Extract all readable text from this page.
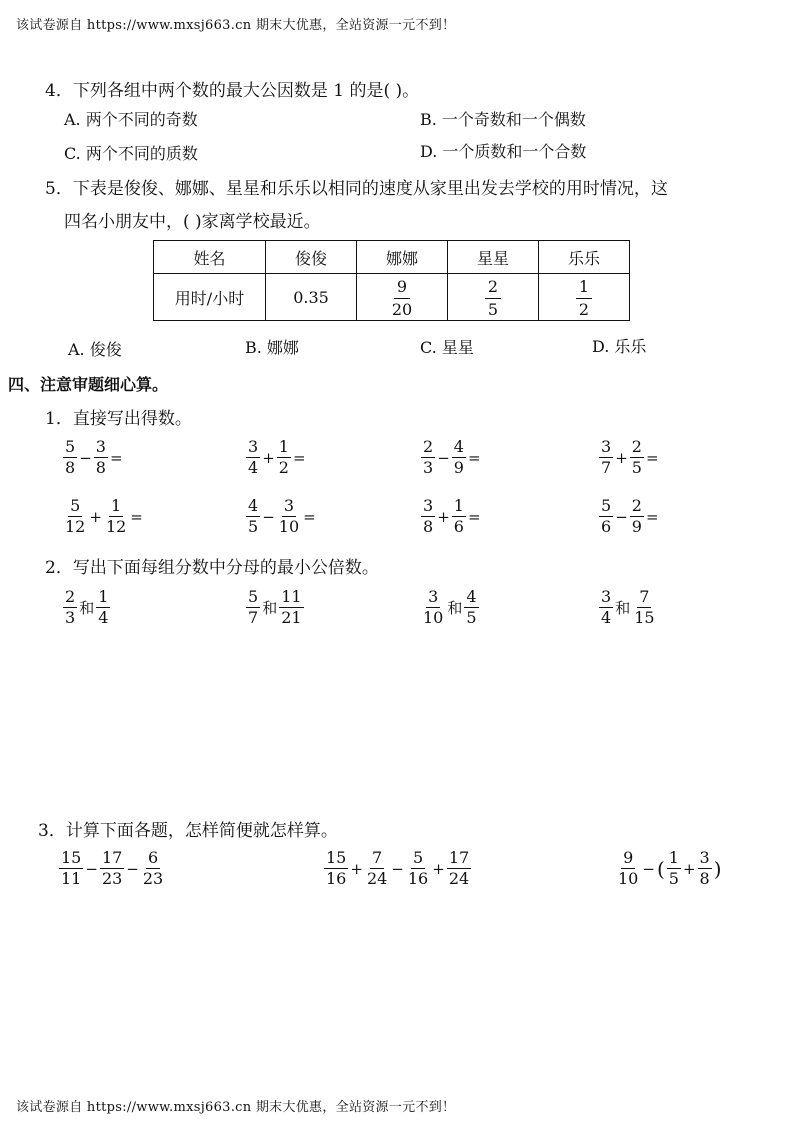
该试卷源自 https://www.mxsj663.cn 期末大优惠，全站资源一元不到！
该试卷源自 https://www.mxsj663.cn 期末大优惠，全站资源一元不到！
4．下列各组中两个数的最大公因数是 1 的是( )。
A. 两个不同的奇数	B. 一个奇数和一个偶数
C. 两个不同的质数	D. 一个质数和一个合数
5．下表是俊俊、娜娜、星星和乐乐以相同的速度从家里出发去学校的用时情况，这
四名小朋友中，( )家离学校最近。
姓名	俊俊	娜娜	星星	乐乐
用时/小时	0.35	$\frac{9}{20}$	$\frac{2}{5}$	$\frac{1}{2}$
A. 俊俊	B. 娜娜	C. 星星	D. 乐乐
四、注意审题细心算。
1．直接写出得数。
$\frac{5}{8} - \frac{3}{8}$ =	$\frac{3}{4} + \frac{1}{2}$ =	$\frac{2}{3} - \frac{4}{9}$ =	$\frac{3}{7} + \frac{2}{5}$ =
$\frac{5}{12} + \frac{1}{12}$ =	$\frac{4}{5} - \frac{3}{10}$ =	$\frac{3}{8} + \frac{1}{6}$ =	$\frac{5}{6} - \frac{2}{9}$ =
2．写出下面每组分数中分母的最小公倍数。
$\frac{2}{3}$ 和 $\frac{1}{4}$	$\frac{5}{7}$ 和 $\frac{11}{21}$	$\frac{3}{10}$ 和 $\frac{4}{5}$	$\frac{3}{4}$ 和 $\frac{7}{15}$
3．计算下面各题，怎样简便就怎样算。
$\frac{15}{11} - \frac{17}{23} - \frac{6}{23}$	$\frac{15}{16} + \frac{7}{24} - \frac{5}{16} + \frac{17}{24}$	$\frac{9}{10}$ − ( $\frac{1}{5} + \frac{3}{8}$ )
